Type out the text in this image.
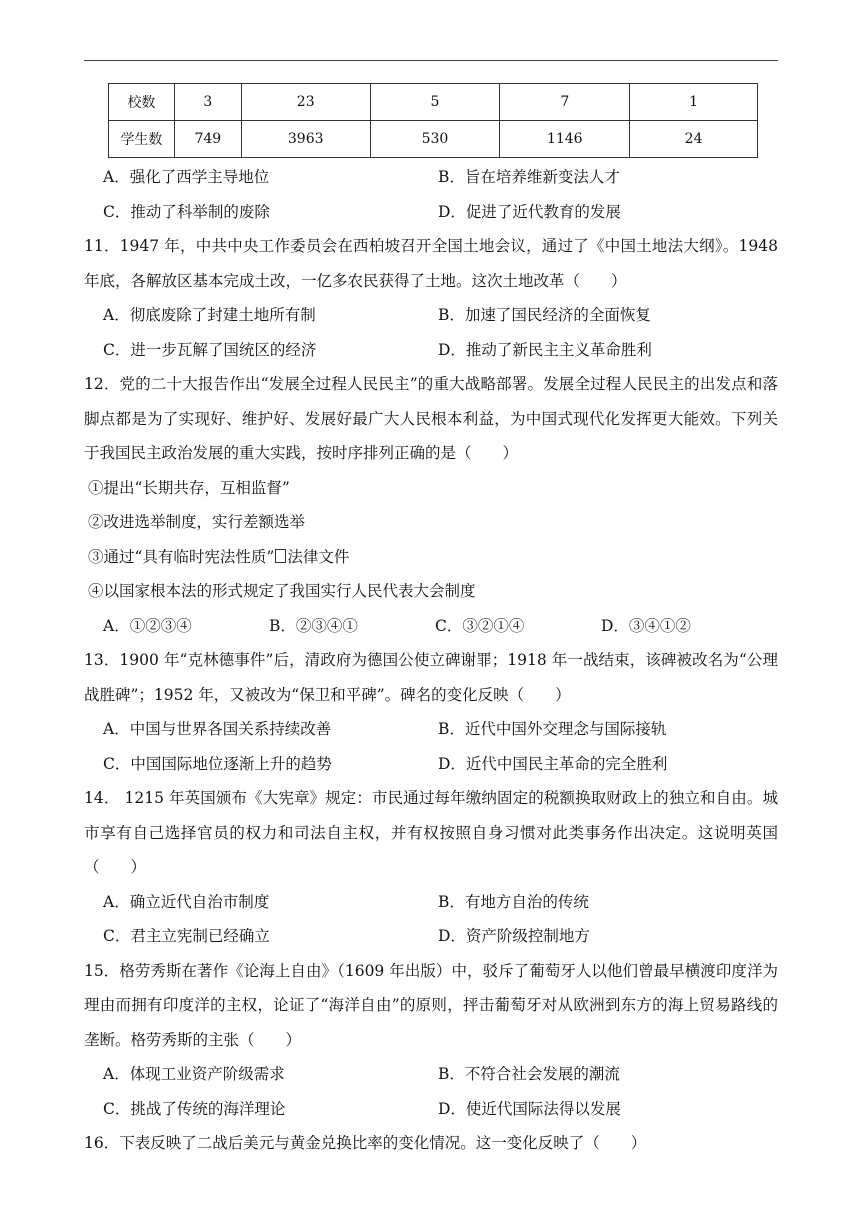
校数	3	23	5	7	1
学生数	749	3963	530	1146	24
A．强化了西学主导地位	B．旨在培养维新变法人才
C．推动了科举制的废除	D．促进了近代教育的发展

11．1947 年，中共中央工作委员会在西柏坡召开全国土地会议，通过了《中国土地法大纲》。1948 年底，各解放区基本完成土改，一亿多农民获得了土地。这次土地改革（　　）

A．彻底废除了封建土地所有制	B．加速了国民经济的全面恢复
C．进一步瓦解了国统区的经济	D．推动了新民主主义革命胜利

12．党的二十大报告作出“发展全过程人民民主”的重大战略部署。发展全过程人民民主的出发点和落脚点都是为了实现好、维护好、发展好最广大人民根本利益，为中国式现代化发挥更大能效。下列关于我国民主政治发展的重大实践，按时序排列正确的是（　　）

①提出“长期共存，互相监督”

②改进选举制度，实行差额选举

③通过“具有临时宪法性质” 法律文件

④以国家根本法的形式规定了我国实行人民代表大会制度

A．①②③④	B．②③④①	C．③②①④	D．③④①②

13．1900 年“克林德事件”后，清政府为德国公使立碑谢罪；1918 年一战结束，该碑被改名为“公理战胜碑”；1952 年，又被改为“保卫和平碑”。碑名的变化反映（　　）

A．中国与世界各国关系持续改善	B．近代中国外交理念与国际接轨
C．中国国际地位逐渐上升的趋势	D．近代中国民主革命的完全胜利

14． 1215 年英国颁布《大宪章》规定：市民通过每年缴纳固定的税额换取财政上的独立和自由。城市享有自己选择官员的权力和司法自主权，并有权按照自身习惯对此类事务作出决定。这说明英国（　　）

A．确立近代自治市制度	B．有地方自治的传统
C．君主立宪制已经确立	D．资产阶级控制地方

15．格劳秀斯在著作《论海上自由》（1609 年出版）中，驳斥了葡萄牙人以他们曾最早横渡印度洋为理由而拥有印度洋的主权，论证了“海洋自由”的原则，抨击葡萄牙对从欧洲到东方的海上贸易路线的垄断。格劳秀斯的主张（　　）

A．体现工业资产阶级需求	B．不符合社会发展的潮流
C．挑战了传统的海洋理论	D．使近代国际法得以发展

16．下表反映了二战后美元与黄金兑换比率的变化情况。这一变化反映了（　　）
